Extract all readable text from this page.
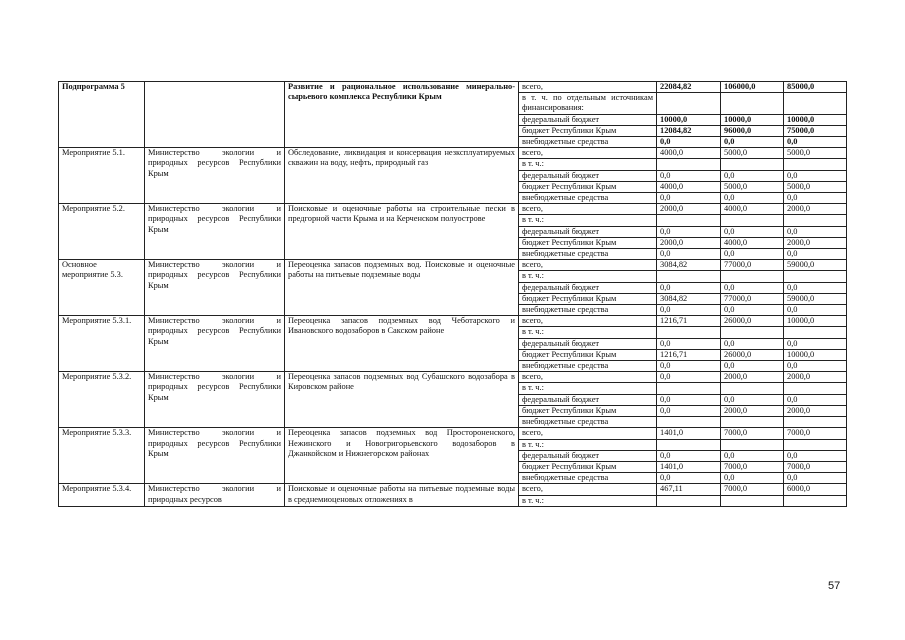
Подпрограмма 5		Развитие и рациональное использование минерально-сырьевого комплекса Республики Крым	всего,	22084,82	106000,0	85000,0
			в т. ч. по отдельным источникам финансирования:			
			федеральный бюджет	10000,0	10000,0	10000,0
			бюджет Республики Крым	12084,82	96000,0	75000,0
			внебюджетные средства	0,0	0,0	0,0
Мероприятие 5.1.	Министерство экологии и природных ресурсов Республики Крым	Обследование, ликвидация и консервация незксплуатируемых скважин на воду, нефть, природный газ	всего,	4000,0	5000,0	5000,0
			в т. ч.:			
			федеральный бюджет	0,0	0,0	0,0
			бюджет Республики Крым	4000,0	5000,0	5000,0
			внебюджетные средства	0,0	0,0	0,0
Мероприятие 5.2.	Министерство экологии и природных ресурсов Республики Крым	Поисковые и оценочные работы на строительные пески в предгорной части Крыма и на Керченском полуострове	всего,	2000,0	4000,0	2000,0
			в т. ч.:			
			федеральный бюджет	0,0	0,0	0,0
			бюджет Республики Крым	2000,0	4000,0	2000,0
			внебюджетные средства	0,0	0,0	0,0
Основное мероприятие 5.3.	Министерство экологии и природных ресурсов Республики Крым	Переоценка запасов подземных вод. Поисковые и оценочные работы на питьевые подземные воды	всего,	3084,82	77000,0	59000,0
			в т. ч.:			
			федеральный бюджет	0,0	0,0	0,0
			бюджет Республики Крым	3084,82	77000,0	59000,0
			внебюджетные средства	0,0	0,0	0,0
Мероприятие 5.3.1.	Министерство экологии и природных ресурсов Республики Крым	Переоценка запасов подземных вод Чеботарского и Ивановского водозаборов в Сакском районе	всего,	1216,71	26000,0	10000,0
			в т. ч.:			
			федеральный бюджет	0,0	0,0	0,0
			бюджет Республики Крым	1216,71	26000,0	10000,0
			внебюджетные средства	0,0	0,0	0,0
Мероприятие 5.3.2.	Министерство экологии и природных ресурсов Республики Крым	Переоценка запасов подземных вод Субашского водозабора в Кировском районе	всего,	0,0	2000,0	2000,0
			в т. ч.:			
			федеральный бюджет	0,0	0,0	0,0
			бюджет Республики Крым	0,0	2000,0	2000,0
			внебюджетные средства			
Мероприятие 5.3.3.	Министерство экологии и природных ресурсов Республики Крым	Переоценка запасов подземных вод Простороненского, Нежинского и Новогригорьевского водозаборов в Джанкойском и Нижнегорском районах	всего,	1401,0	7000,0	7000,0
			в т. ч.:			
			федеральный бюджет	0,0	0,0	0,0
			бюджет Республики Крым	1401,0	7000,0	7000,0
			внебюджетные средства	0,0	0,0	0,0
Мероприятие 5.3.4.	Министерство экологии и природных ресурсов	Поисковые и оценочные работы на питьевые подземные воды в среднемиоценовых отложениях в	всего,	467,11	7000,0	6000,0
			в т. ч.:			
57
